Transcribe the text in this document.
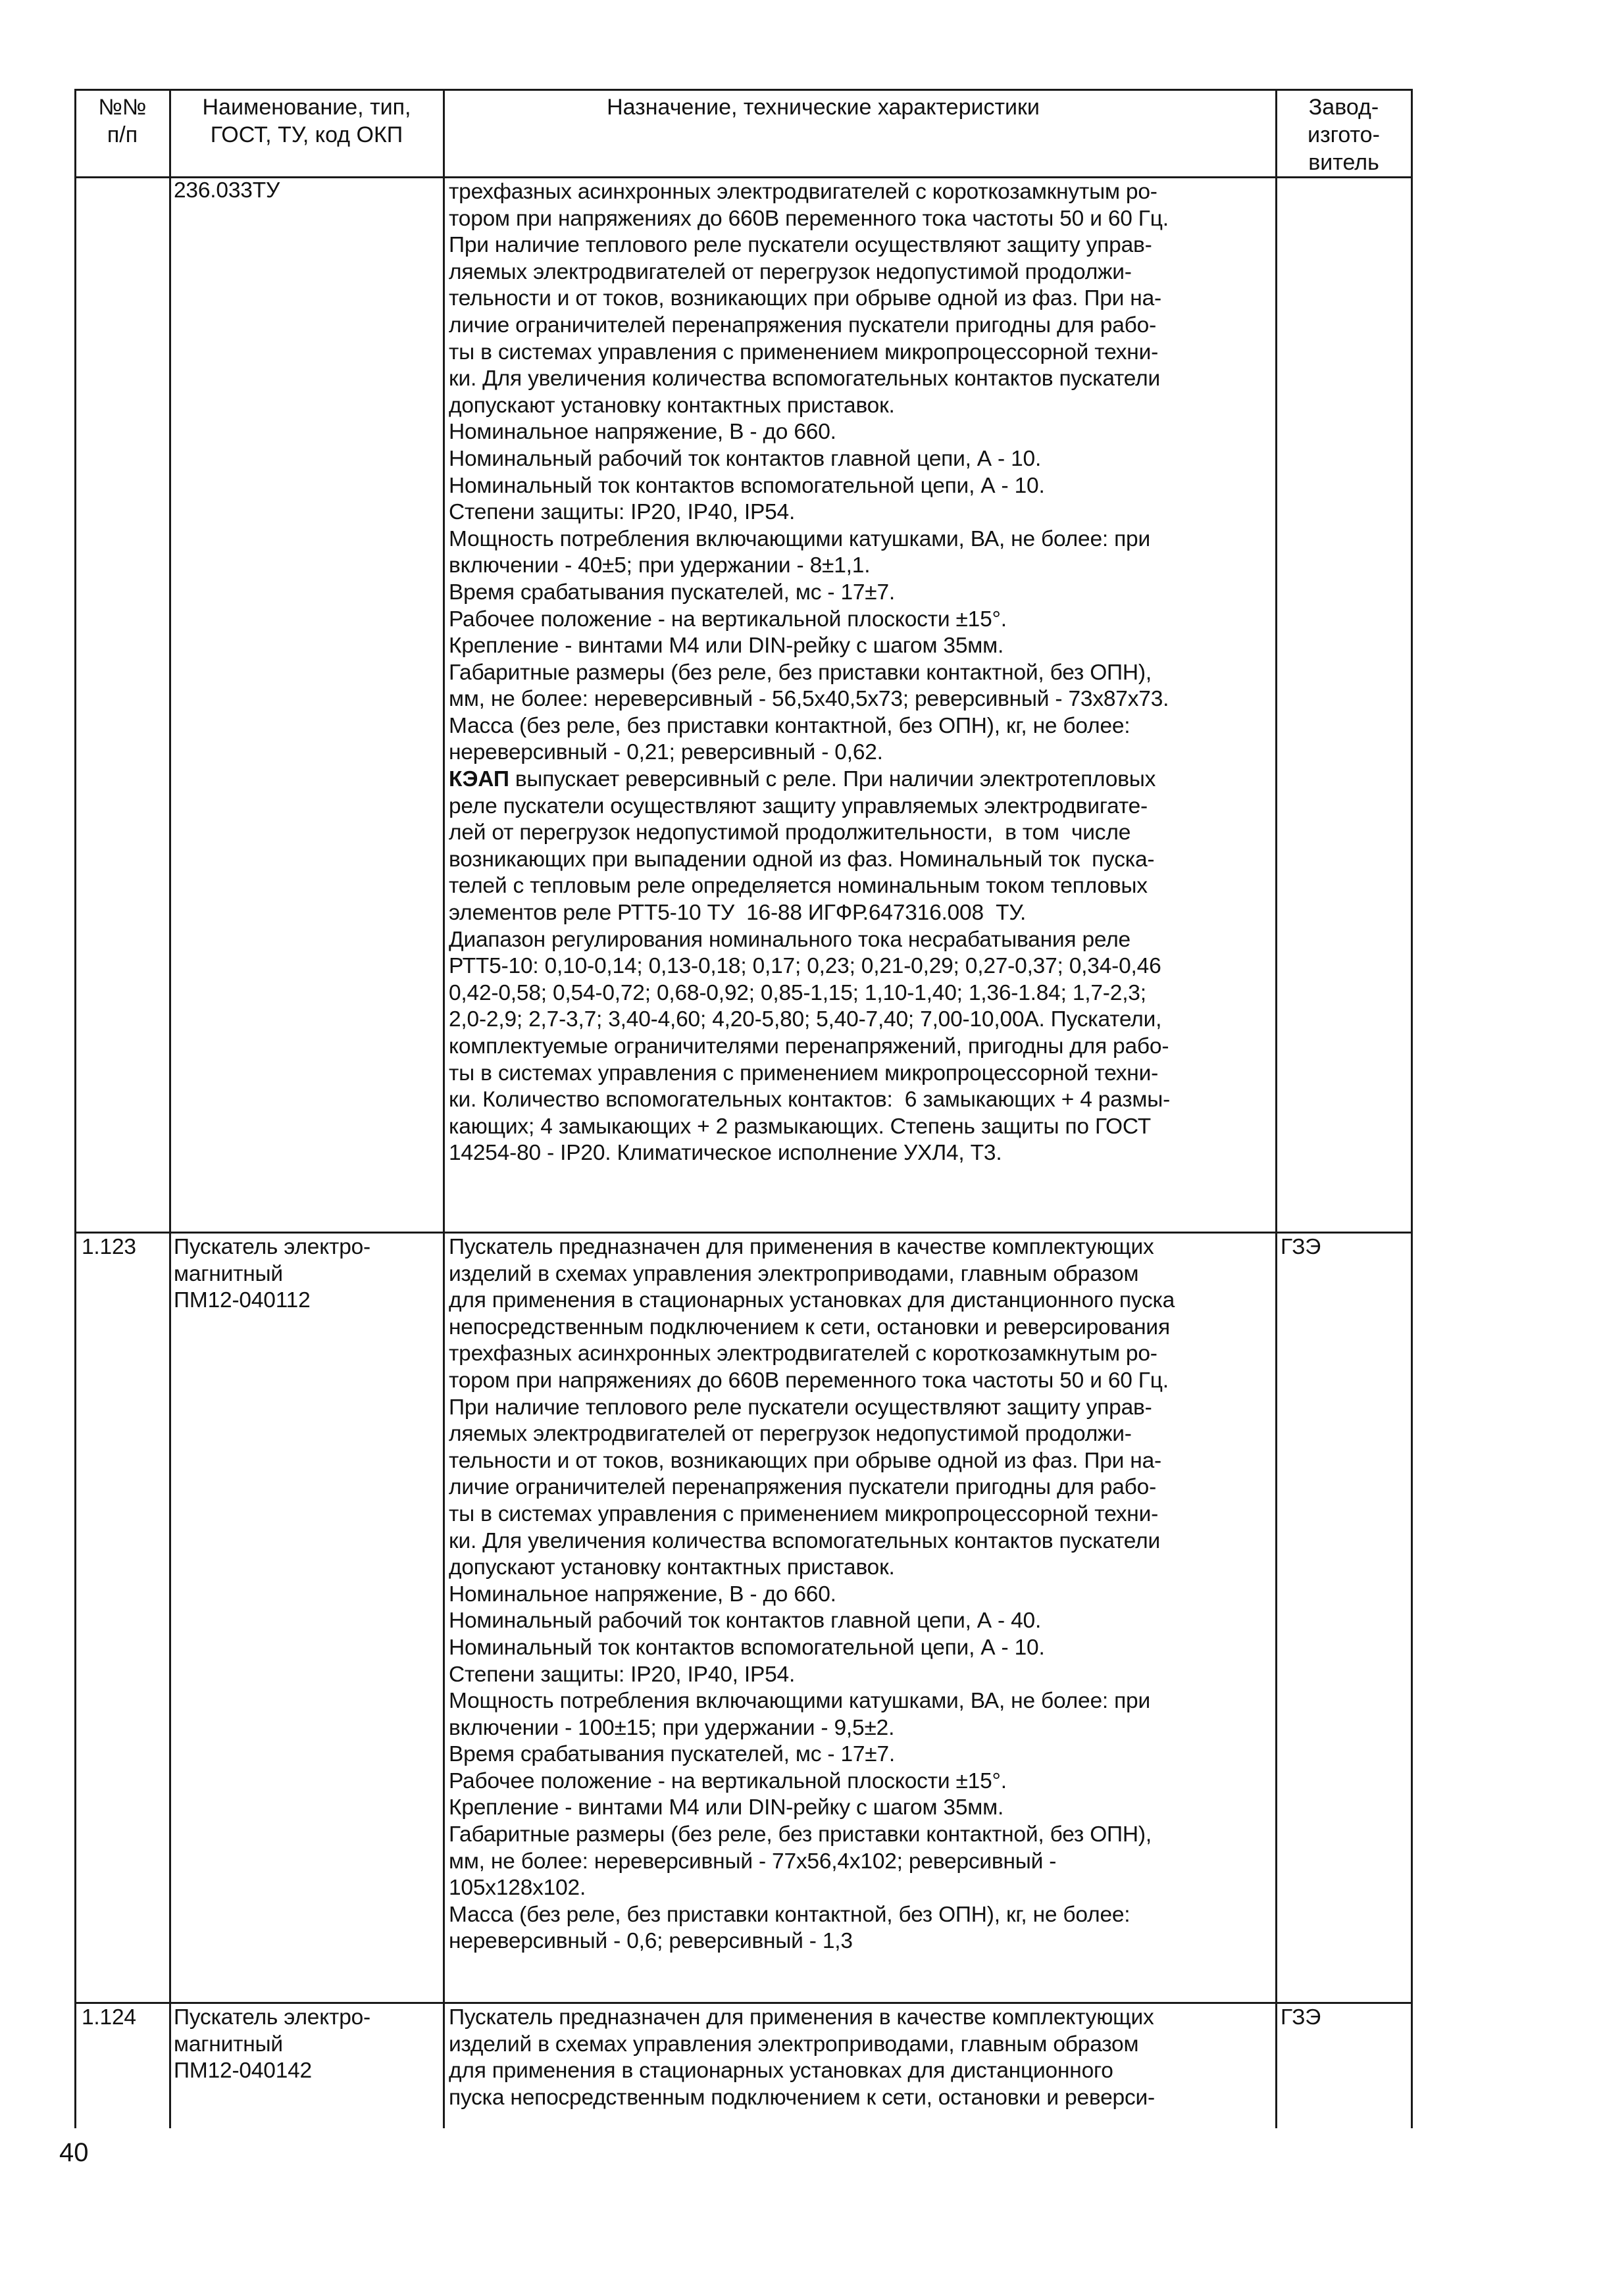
№№
п/п
Наименование, тип,
ГОСТ, ТУ, код ОКП
Назначение, технические характеристики	Завод-
изгото-
витель
236.033ТУ	трехфазных асинхронных электродвигателей с короткозамкнутым ро-
тором при напряжениях до 660В переменного тока частоты 50 и 60 Гц.
При наличие теплового реле пускатели осуществляют защиту управ-
ляемых электродвигателей от перегрузок недопустимой продолжи-
тельности и от токов, возникающих при обрыве одной из фаз. При на-
личие ограничителей перенапряжения пускатели пригодны для рабо-
ты в системах управления с применением микропроцессорной техни-
ки. Для увеличения количества вспомогательных контактов пускатели
допускают установку контактных приставок.
Номинальное напряжение, В - до 660.
Номинальный рабочий ток контактов главной цепи, А - 10.
Номинальный ток контактов вспомогательной цепи, А - 10.
Степени защиты: IP20, IP40, IP54.
Мощность потребления включающими катушками, ВА, не более: при
включении - 40±5; при удержании - 8±1,1.
Время срабатывания пускателей, мс - 17±7.
Рабочее положение - на вертикальной плоскости ±15°.
Крепление - винтами М4 или DIN-рейку с шагом 35мм.
Габаритные размеры (без реле, без приставки контактной, без ОПН),
мм, не более: нереверсивный - 56,5х40,5х73; реверсивный - 73х87х73.
Масса (без реле, без приставки контактной, без ОПН), кг, не более:
нереверсивный - 0,21; реверсивный - 0,62.
КЭАП выпускает реверсивный с реле. При наличии электротепловых
реле пускатели осуществляют защиту управляемых электродвигате-
лей от перегрузок недопустимой продолжительности,  в том  числе
возникающих при выпадении одной из фаз. Номинальный ток  пуска-
телей с тепловым реле определяется номинальным током тепловых
элементов реле РТТ5-10 ТУ  16-88 ИГФР.647316.008  ТУ.
Диапазон регулирования номинального тока несрабатывания реле
РТТ5-10: 0,10-0,14; 0,13-0,18; 0,17; 0,23; 0,21-0,29; 0,27-0,37; 0,34-0,46
0,42-0,58; 0,54-0,72; 0,68-0,92; 0,85-1,15; 1,10-1,40; 1,36-1.84; 1,7-2,3;
2,0-2,9; 2,7-3,7; 3,40-4,60; 4,20-5,80; 5,40-7,40; 7,00-10,00А. Пускатели,
комплектуемые ограничителями перенапряжений, пригодны для рабо-
ты в системах управления с применением микропроцессорной техни-
ки. Количество вспомогательных контактов:  6 замыкающих + 4 размы-
кающих; 4 замыкающих + 2 размыкающих. Степень защиты по ГОСТ
14254-80 - IP20. Климатическое исполнение УХЛ4, Т3.
1.123 Пускатель электро-
магнитный
ПМ12-040112
Пускатель предназначен для применения в качестве комплектующих
изделий в схемах управления электроприводами, главным образом
для применения в стационарных установках для дистанционного пуска
непосредственным подключением к сети, остановки и реверсирования
трехфазных асинхронных электродвигателей с короткозамкнутым ро-
тором при напряжениях до 660В переменного тока частоты 50 и 60 Гц.
При наличие теплового реле пускатели осуществляют защиту управ-
ляемых электродвигателей от перегрузок недопустимой продолжи-
тельности и от токов, возникающих при обрыве одной из фаз. При на-
личие ограничителей перенапряжения пускатели пригодны для рабо-
ты в системах управления с применением микропроцессорной техни-
ки. Для увеличения количества вспомогательных контактов пускатели
допускают установку контактных приставок.
Номинальное напряжение, В - до 660.
Номинальный рабочий ток контактов главной цепи, А - 40.
Номинальный ток контактов вспомогательной цепи, А - 10.
Степени защиты: IP20, IP40, IP54.
Мощность потребления включающими катушками, ВА, не более: при
включении - 100±15; при удержании - 9,5±2.
Время срабатывания пускателей, мс - 17±7.
Рабочее положение - на вертикальной плоскости ±15°.
Крепление - винтами М4 или DIN-рейку с шагом 35мм.
Габаритные размеры (без реле, без приставки контактной, без ОПН),
мм, не более: нереверсивный - 77х56,4х102; реверсивный -
105х128х102.
Масса (без реле, без приставки контактной, без ОПН), кг, не более:
нереверсивный - 0,6; реверсивный - 1,3
ГЗЭ
1.124 Пускатель электро-
магнитный
ПМ12-040142
Пускатель предназначен для применения в качестве комплектующих
изделий в схемах управления электроприводами, главным образом
для применения в стационарных установках для дистанционного
пуска непосредственным подключением к сети, остановки и реверси-
ГЗЭ
40
